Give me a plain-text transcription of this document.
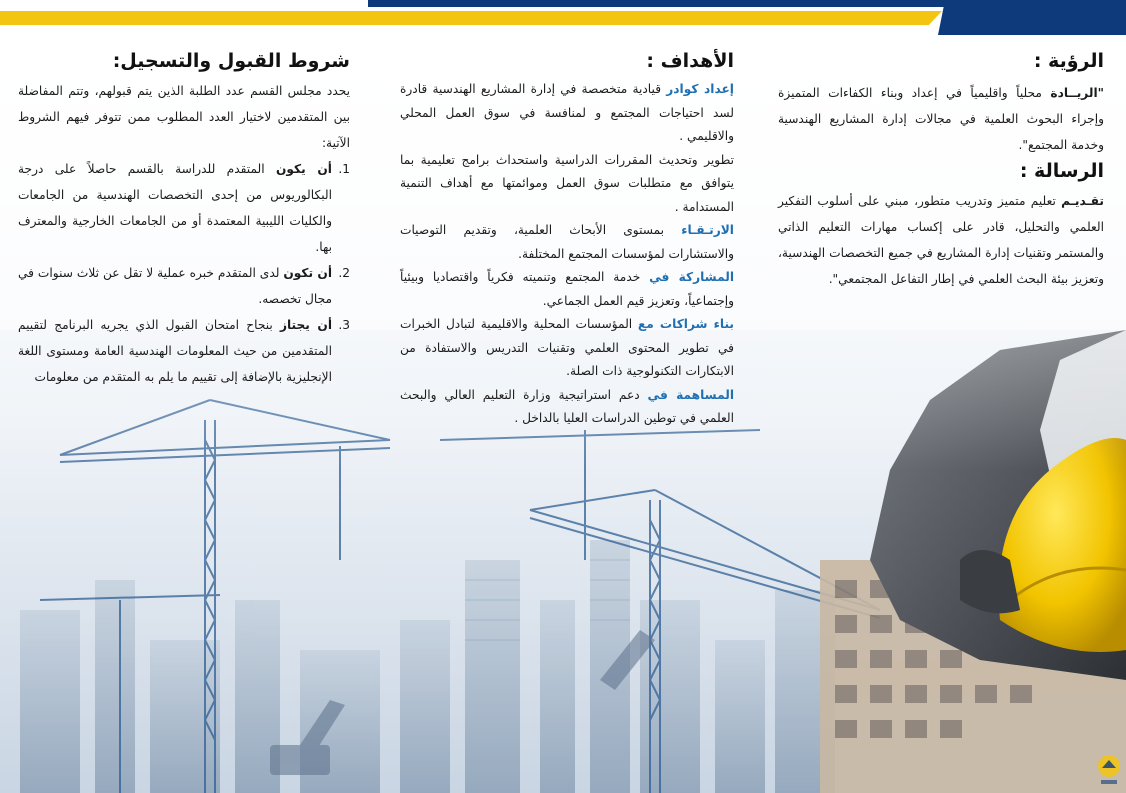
الرؤية :

"الريــادة محلياً واقليمياً في إعداد وبناء الكفاءات المتميزة وإجراء البحوث العلمية في مجالات إدارة المشاريع الهندسية وخدمة المجتمع".

الرسالة :

تقـديـم تعليم متميز وتدريب متطور، مبني على أسلوب التفكير العلمي والتحليل، قادر على إكساب مهارات التعليم الذاتي والمستمر وتقنيات إدارة المشاريع في جميع التخصصات الهندسية، وتعزيز بيئة البحث العلمي في إطار التفاعل المجتمعي".

الأهداف :

إعداد كوادر قيادية متخصصة في إدارة المشاريع الهندسية قادرة لسد احتياجات المجتمع و لمنافسة في سوق العمل المحلي والاقليمي .

تطوير وتحديث المقررات الدراسية واستحداث برامج تعليمية بما يتوافق مع متطلبات سوق العمل وموائمتها مع أهداف التنمية المستدامة .

الارتـقـاء بمستوى الأبحاث العلمية، وتقديم التوصيات والاستشارات لمؤسسات المجتمع المختلفة.

المشاركة في خدمة المجتمع وتنميته فكرياً واقتصاديا وبيئياً وإجتماعياً، وتعزيز قيم العمل الجماعي.

بناء شراكات مع المؤسسات المحلية والاقليمية لتبادل الخبرات في تطوير المحتوى العلمي وتقنيات التدريس والاستفادة من الابتكارات التكنولوجية ذات الصلة.

المساهمة في دعم استراتيجية وزارة التعليم العالي والبحث العلمي في توطين الدراسات العليا بالداخل .

شروط القبول والتسجيل:

يحدد مجلس القسم عدد الطلبة الذين يتم قبولهم، وتتم المفاضلة بين المتقدمين لاختيار العدد المطلوب ممن تتوفر فيهم الشروط الآتية:

1.

أن يكون المتقدم للدراسة بالقسم حاصلاً على درجة البكالوريوس من إحدى التخصصات الهندسية من الجامعات والكليات الليبية المعتمدة أو من الجامعات الخارجية والمعترف بها.

2.

أن تكون لدى المتقدم خبره عملية لا تقل عن ثلاث سنوات في مجال تخصصه.

3.

أن يجتاز بنجاح امتحان القبول الذي يجريه البرنامج لتقييم المتقدمين من حيث المعلومات الهندسية العامة ومستوى اللغة الإنجليزية بالإضافة إلى تقييم ما يلم به المتقدم من معلومات
